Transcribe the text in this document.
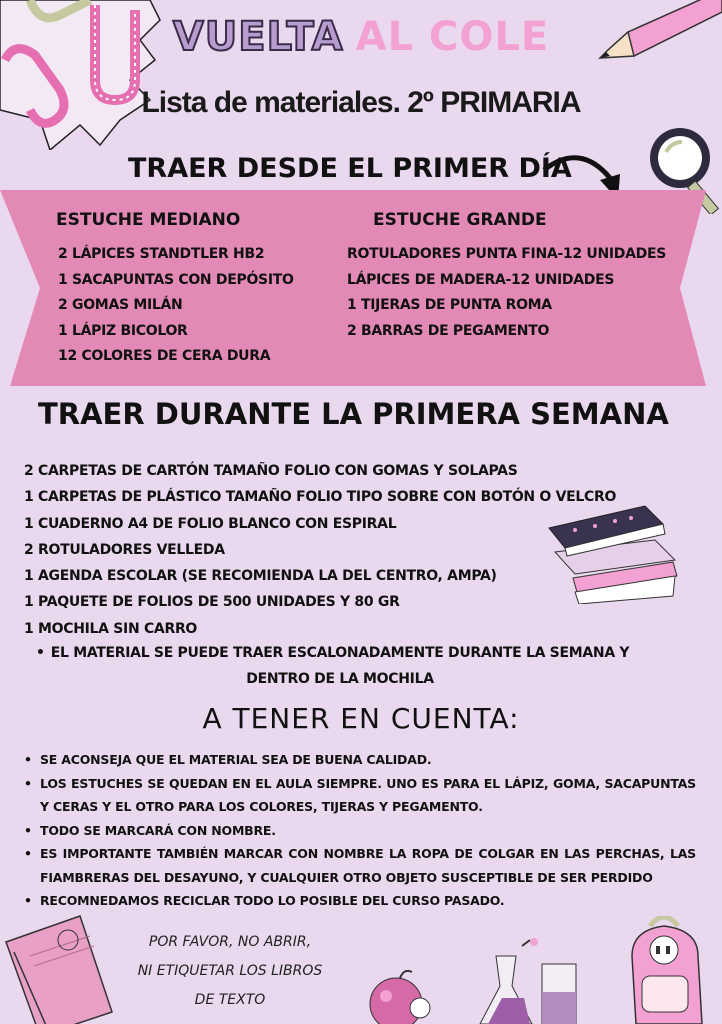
VUELTA AL COLE
Lista de materiales. 2º PRIMARIA
TRAER DESDE EL PRIMER DÍA
ESTUCHE MEDIANO
2 LÁPICES STANDTLER HB2
1 SACAPUNTAS CON DEPÓSITO
2 GOMAS MILÁN
1 LÁPIZ BICOLOR
12 COLORES DE CERA DURA
ESTUCHE GRANDE
ROTULADORES PUNTA FINA-12 UNIDADES
LÁPICES DE MADERA-12 UNIDADES
1 TIJERAS DE PUNTA ROMA
2 BARRAS DE PEGAMENTO
TRAER DURANTE LA PRIMERA SEMANA
2 CARPETAS DE CARTÓN TAMAÑO FOLIO CON GOMAS Y SOLAPAS
1 CARPETAS DE PLÁSTICO TAMAÑO FOLIO TIPO SOBRE CON BOTÓN O VELCRO
1 CUADERNO A4 DE FOLIO BLANCO CON ESPIRAL
2 ROTULADORES VELLEDA
1 AGENDA ESCOLAR (SE RECOMIENDA LA DEL CENTRO, AMPA)
1 PAQUETE DE FOLIOS DE 500 UNIDADES Y 80 GR
1 MOCHILA SIN CARRO
• EL MATERIAL SE PUEDE TRAER ESCALONADAMENTE DURANTE LA SEMANA Y
DENTRO DE LA MOCHILA
A TENER EN CUENTA:
• SE ACONSEJA QUE EL MATERIAL SEA DE BUENA CALIDAD.
• LOS ESTUCHES SE QUEDAN EN EL AULA SIEMPRE. UNO ES PARA EL LÁPIZ, GOMA, SACAPUNTAS Y CERAS Y EL OTRO PARA LOS COLORES, TIJERAS Y PEGAMENTO.
• TODO SE MARCARÁ CON NOMBRE.
• ES IMPORTANTE TAMBIÉN MARCAR CON NOMBRE LA ROPA DE COLGAR EN LAS PERCHAS, LAS FIAMBRERAS DEL DESAYUNO, Y CUALQUIER OTRO OBJETO SUSCEPTIBLE DE SER PERDIDO
• RECOMNEDAMOS RECICLAR TODO LO POSIBLE DEL CURSO PASADO.
POR FAVOR, NO ABRIR,
NI ETIQUETAR LOS LIBROS
DE TEXTO
